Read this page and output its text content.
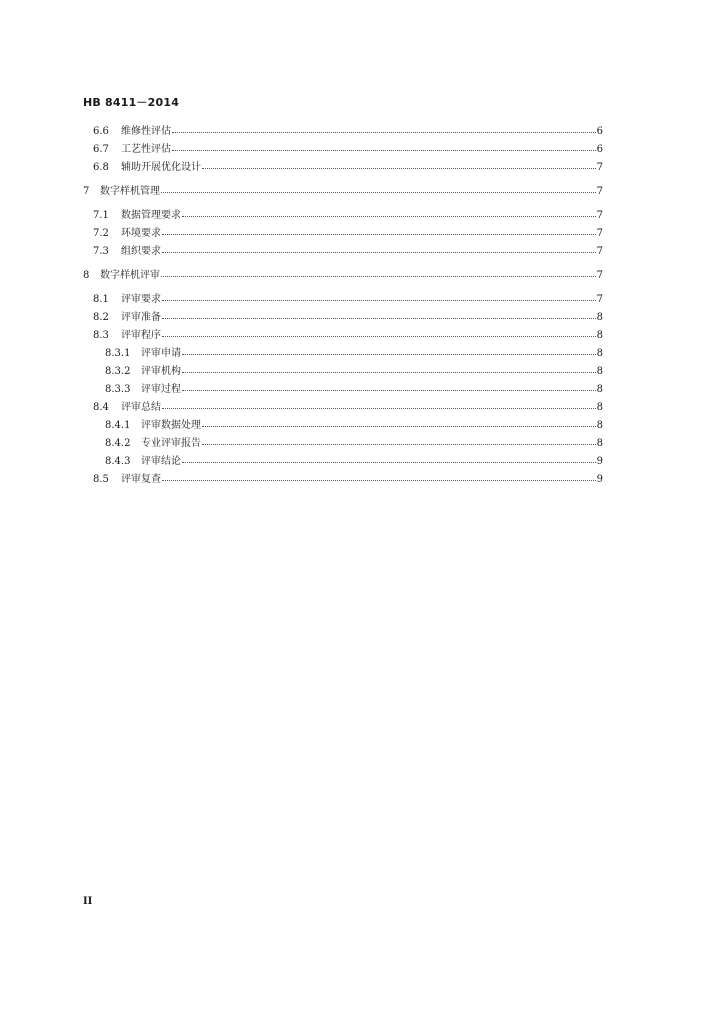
HB 8411－2014
6.6	维修性评估	6
6.7	工艺性评估	6
6.8	辅助开展优化设计	7
7	数字样机管理	7
7.1	数据管理要求	7
7.2	环境要求	7
7.3	组织要求	7
8	数字样机评审	7
8.1	评审要求	7
8.2	评审准备	8
8.3	评审程序	8
8.3.1	评审申请	8
8.3.2	评审机构	8
8.3.3	评审过程	8
8.4	评审总结	8
8.4.1	评审数据处理	8
8.4.2	专业评审报告	8
8.4.3	评审结论	9
8.5	评审复查	9
II
